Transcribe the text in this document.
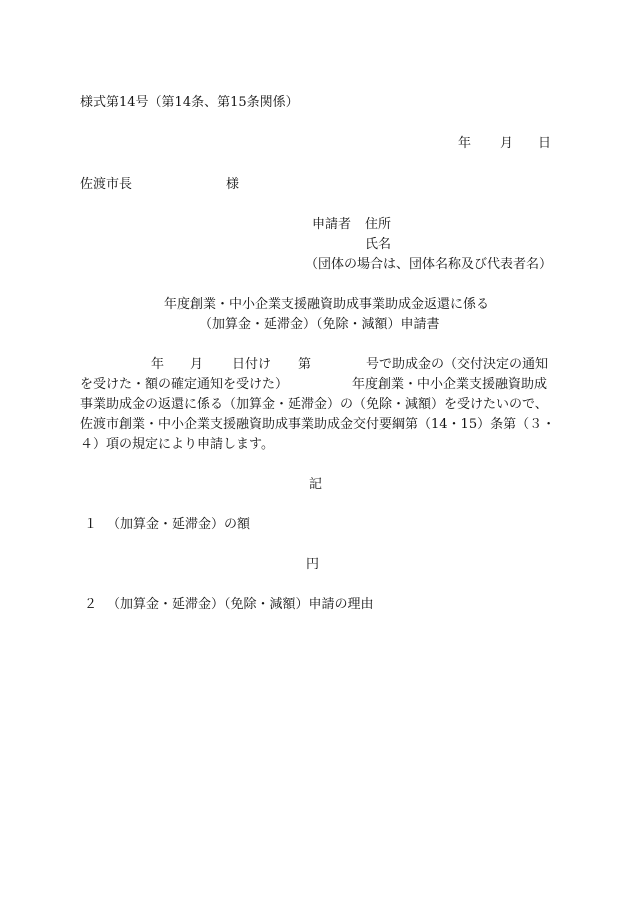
様式第14号（第14条、第15条関係）
年 月 日
佐渡市長	様
申請者 住所
氏名
（団体の場合は、団体名称及び代表者名）
年度創業・中小企業支援融資助成事業助成金返還に係る
（加算金・延滞金）（免除・減額）申請書
年 月 日付け 第	号で助成金の（交付決定の通知
を受けた・額の確定通知を受けた）	年度創業・中小企業支援融資助成
事業助成金の返還に係る（加算金・延滞金）の（免除・減額）を受けたいので、
佐渡市創業・中小企業支援融資助成事業助成金交付要綱第（14・15）条第（３・
４）項の規定により申請します。
記
１ （加算金・延滞金）の額
円
２ （加算金・延滞金）（免除・減額）申請の理由
